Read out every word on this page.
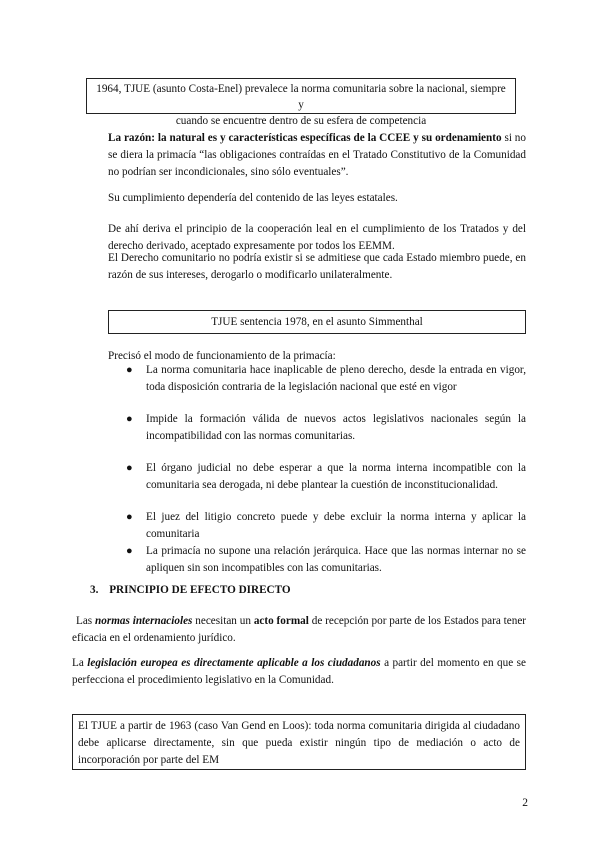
1964, TJUE (asunto Costa-Enel) prevalece la norma comunitaria sobre la nacional, siempre y
cuando se encuentre dentro de su esfera de competencia

La razón: la natural es y características específicas de la CCEE y su ordenamiento si no se diera la primacía “las obligaciones contraídas en el Tratado Constitutivo de la Comunidad no podrían ser incondicionales, sino sólo eventuales”.

Su cumplimiento dependería del contenido de las leyes estatales.

De ahí deriva el principio de la cooperación leal en el cumplimiento de los Tratados y del derecho derivado, aceptado expresamente por todos los EEMM.

El Derecho comunitario no podría existir si se admitiese que cada Estado miembro puede, en razón de sus intereses, derogarlo o modificarlo unilateralmente.

TJUE sentencia 1978, en el asunto Simmenthal

Precisó el modo de funcionamiento de la primacía:

● La norma comunitaria hace inaplicable de pleno derecho, desde la entrada en vigor, toda disposición contraria de la legislación nacional que esté en vigor
● Impide la formación válida de nuevos actos legislativos nacionales según la incompatibilidad con las normas comunitarias.
● El órgano judicial no debe esperar a que la norma interna incompatible con la comunitaria sea derogada, ni debe plantear la cuestión de inconstitucionalidad.
● El juez del litigio concreto puede y debe excluir la norma interna y aplicar la comunitaria
● La primacía no supone una relación jerárquica. Hace que las normas internar no se apliquen sin son incompatibles con las comunitarias.
3. PRINCIPIO DE EFECTO DIRECTO

Las normas internacioles necesitan un acto formal de recepción por parte de los Estados para tener eficacia en el ordenamiento jurídico.

La legislación europea es directamente aplicable a los ciudadanos a partir del momento en que se perfecciona el procedimiento legislativo en la Comunidad.

El TJUE a partir de 1963 (caso Van Gend en Loos): toda norma comunitaria dirigida al ciudadano debe aplicarse directamente, sin que pueda existir ningún tipo de mediación o acto de incorporación por parte del EM
2
